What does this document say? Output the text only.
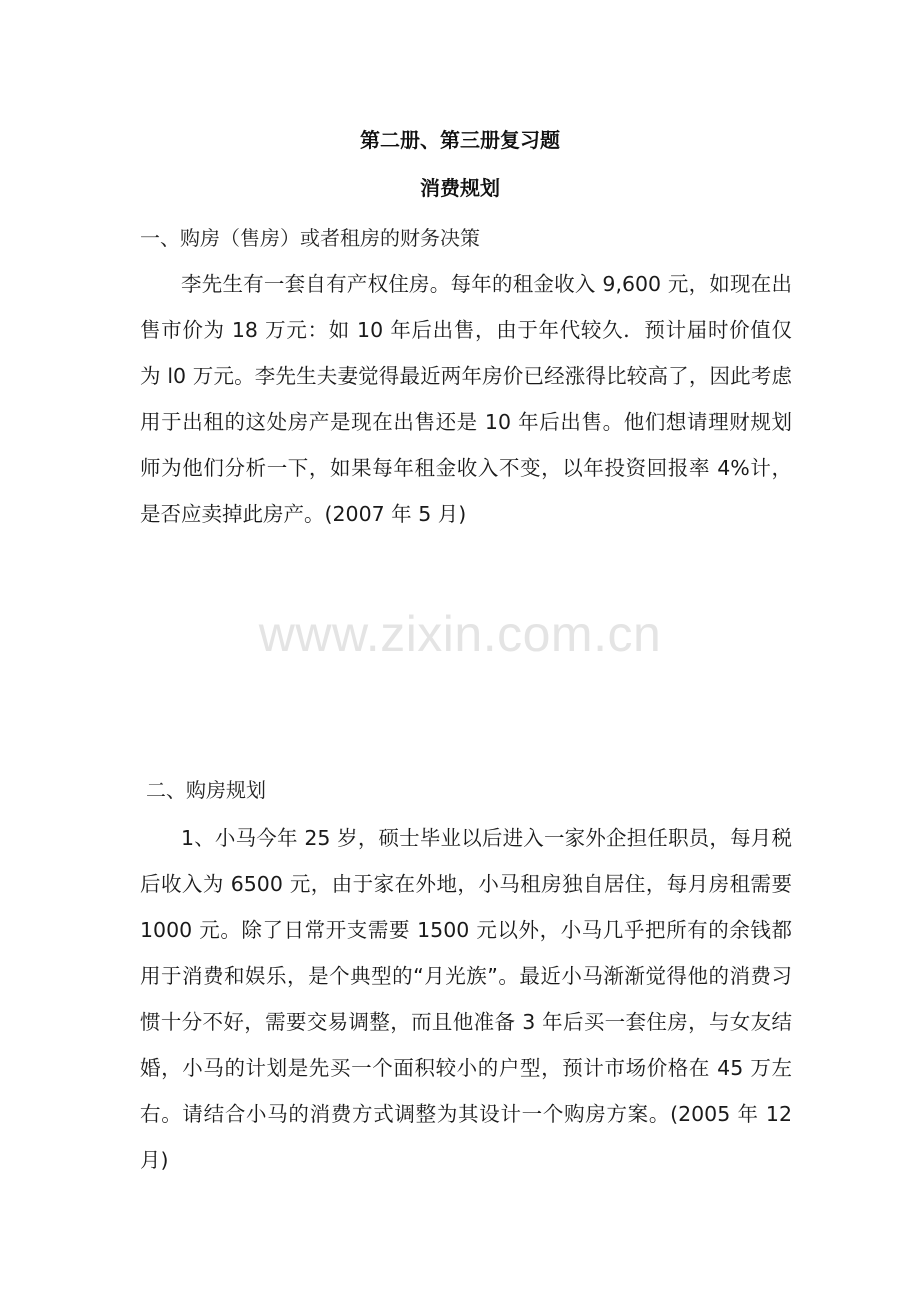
第二册、第三册复习题
消费规划
一、购房（售房）或者租房的财务决策

李先生有一套自有产权住房。每年的租金收入 9,600 元，如现在出售市价为 18 万元：如 10 年后出售，由于年代较久．预计届时价值仅为 l0 万元。李先生夫妻觉得最近两年房价已经涨得比较高了，因此考虑用于出租的这处房产是现在出售还是 10 年后出售。他们想请理财规划师为他们分析一下，如果每年租金收入不变，以年投资回报率 4%计，是否应卖掉此房产。(2007 年 5 月)

www.zixin.com.cn
二、购房规划

1、小马今年 25 岁，硕士毕业以后进入一家外企担任职员，每月税后收入为 6500 元，由于家在外地，小马租房独自居住，每月房租需要 1000 元。除了日常开支需要 1500 元以外，小马几乎把所有的余钱都用于消费和娱乐，是个典型的“月光族”。最近小马渐渐觉得他的消费习惯十分不好，需要交易调整，而且他准备 3 年后买一套住房，与女友结婚，小马的计划是先买一个面积较小的户型，预计市场价格在 45 万左右。请结合小马的消费方式调整为其设计一个购房方案。(2005 年 12 月)
